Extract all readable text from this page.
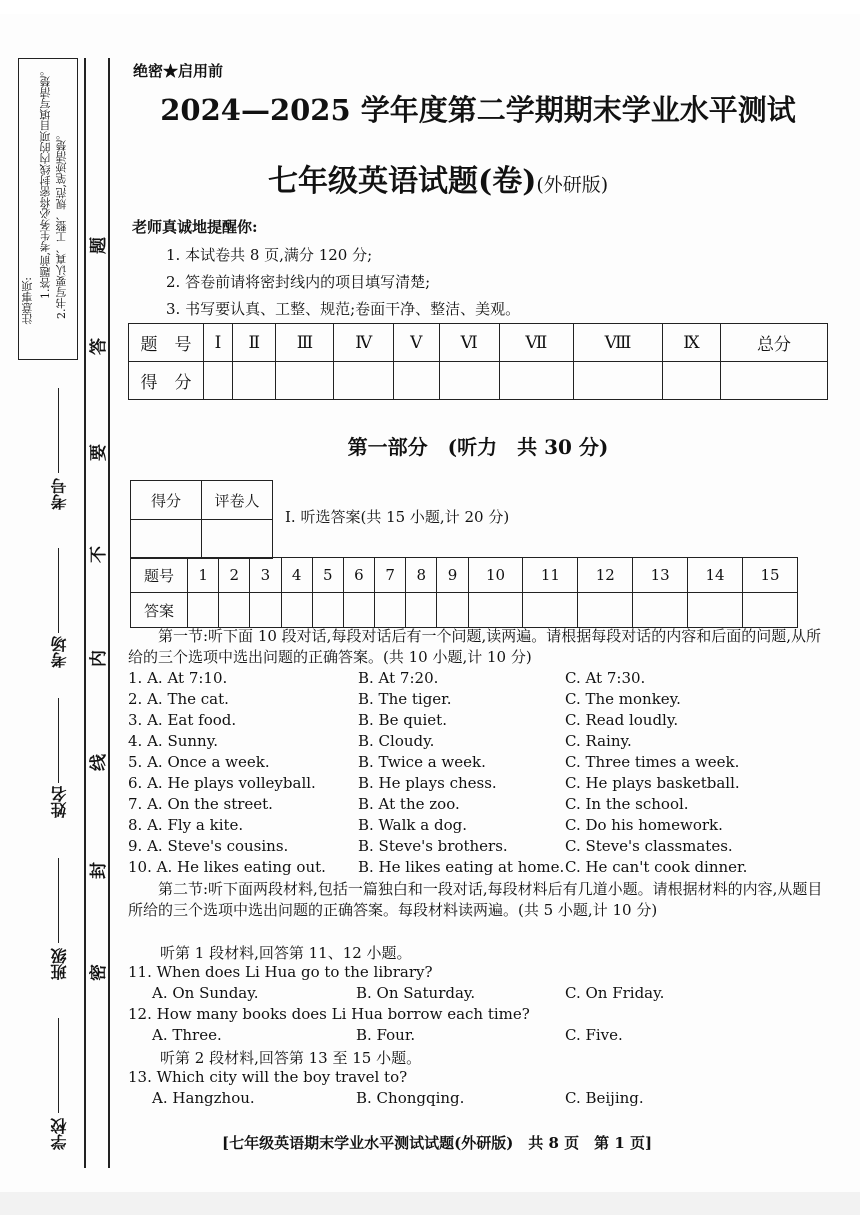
注意事项:
1.答题前,考生务必将密封线内的项目填写清楚。 2.书写要认真、工整、规范,笔迹清楚。 题
答
要
不
内
线
封
密
考号
考场
姓名
班级
学校
绝密★启用前
2024—2025 学年度第二学期期末学业水平测试
七年级英语试题(卷)(外研版)
老师真诚地提醒你:
1. 本试卷共 8 页,满分 120 分;
2. 答卷前请将密封线内的项目填写清楚;
3. 书写要认真、工整、规范;卷面干净、整洁、美观。
题　号	Ⅰ	Ⅱ	Ⅲ	Ⅳ	Ⅴ	Ⅵ	Ⅶ	Ⅷ	Ⅸ	总分
得　分										
第一部分　(听力　共 30 分)
得分	评卷人

Ⅰ. 听选答案(共 15 小题,计 20 分)
题号	1	2	3	4	5	6	7	8	9	10	11	12	13	14	15
答案															
　　第一节:听下面 10 段对话,每段对话后有一个问题,读两遍。请根据每段对话的内容和后面的问题,从所给的三个选项中选出问题的正确答案。(共 10 小题,计 10 分)
1. A. At 7:10.	B. At 7:20.	C. At 7:30.
2. A. The cat.	B. The tiger.	C. The monkey.
3. A. Eat food.	B. Be quiet.	C. Read loudly.
4. A. Sunny.	B. Cloudy.	C. Rainy.
5. A. Once a week.	B. Twice a week.	C. Three times a week.
6. A. He plays volleyball.	B. He plays chess.	C. He plays basketball.
7. A. On the street.	B. At the zoo.	C. In the school.
8. A. Fly a kite.	B. Walk a dog.	C. Do his homework.
9. A. Steve's cousins.	B. Steve's brothers.	C. Steve's classmates.
10. A. He likes eating out. B. He likes eating at home. C. He can't cook dinner.
　　第二节:听下面两段材料,包括一篇独白和一段对话,每段材料后有几道小题。请根据材料的内容,从题目所给的三个选项中选出问题的正确答案。每段材料读两遍。(共 5 小题,计 10 分)
听第 1 段材料,回答第 11、12 小题。
11. When does Li Hua go to the library?
A. On Sunday.	B. On Saturday.	C. On Friday.
12. How many books does Li Hua borrow each time?
A. Three.	B. Four.	C. Five.
听第 2 段材料,回答第 13 至 15 小题。
13. Which city will the boy travel to?
A. Hangzhou.	B. Chongqing.	C. Beijing.
[七年级英语期末学业水平测试试题(外研版)　共 8 页　第 1 页]
